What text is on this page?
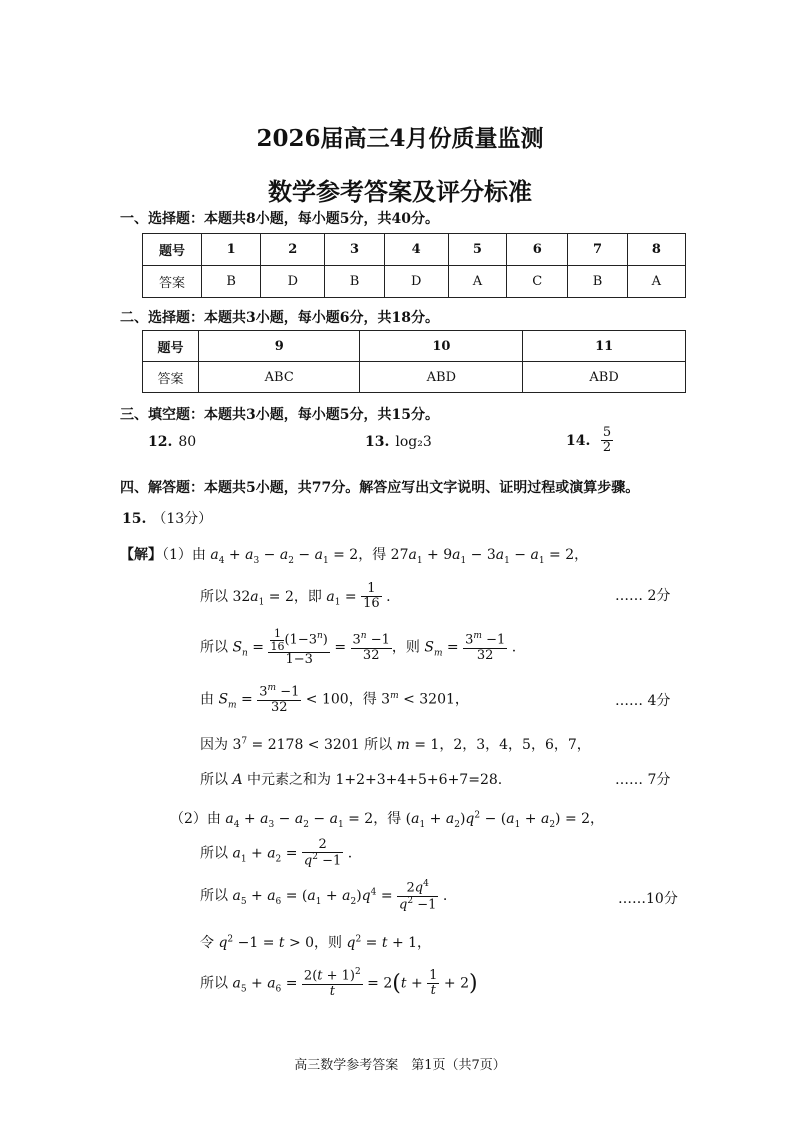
2026届高三4月份质量监测
数学参考答案及评分标准
一、选择题：本题共8小题，每小题5分，共40分。
题号	1	2	3	4	5	6	7	8
答案	B	D	B	D	A	C	B	A
二、选择题：本题共3小题，每小题6分，共18分。
题号	9	10	11
答案	ABC	ABD	ABD
三、填空题：本题共3小题，每小题5分，共15分。
12. 80	13. log₂3	14. $\frac{5}{2}$
四、解答题：本题共5小题，共77分。解答应写出文字说明、证明过程或演算步骤。
15. （13分）
【解】（1）由 $a_4 + a_3 - a_2 - a_1 = 2$，得 $27a_1 + 9a_1 - 3a_1 - a_1 = 2$，
所以 $32a_1 = 2$，即 $a_1 = \frac{1}{16}$ .	…… 2分
所以 $S_n = \frac{\frac{1}{16} (1-3^n)}{1-3} = \frac{3^n -1}{32}$ ，则 $S_m = \frac{3^m -1}{32}$ .
由 $S_m = \frac{3^m -1}{32} < 100$，得 $3^m < 3201$，	…… 4分
因为 $3^7 = 2178 < 3201$ 所以 m = 1，2，3，4，5，6，7，
所以 A 中元素之和为 1+2+3+4+5+6+7=28.	…… 7分
（2）由 $a_4 + a_3 - a_2 - a_1 = 2$，得 $(a_1 + a_2)q^2 - (a_1 + a_2) = 2$，
所以 $a_1 + a_2 = \frac{2}{q^2 -1}$ .
所以 $a_5 + a_6 = (a_1 + a_2)q^4 = \frac{2q^4}{q^2 -1}$ .	……10分
令 $q^2 -1 = t > 0$，则 $q^2 = t + 1$，
所以 $a_5 + a_6 = \frac{2(t + 1)^2}{t} = 2(t + \frac{1}{t} + 2)$
高三数学参考答案　第1页（共7页）
